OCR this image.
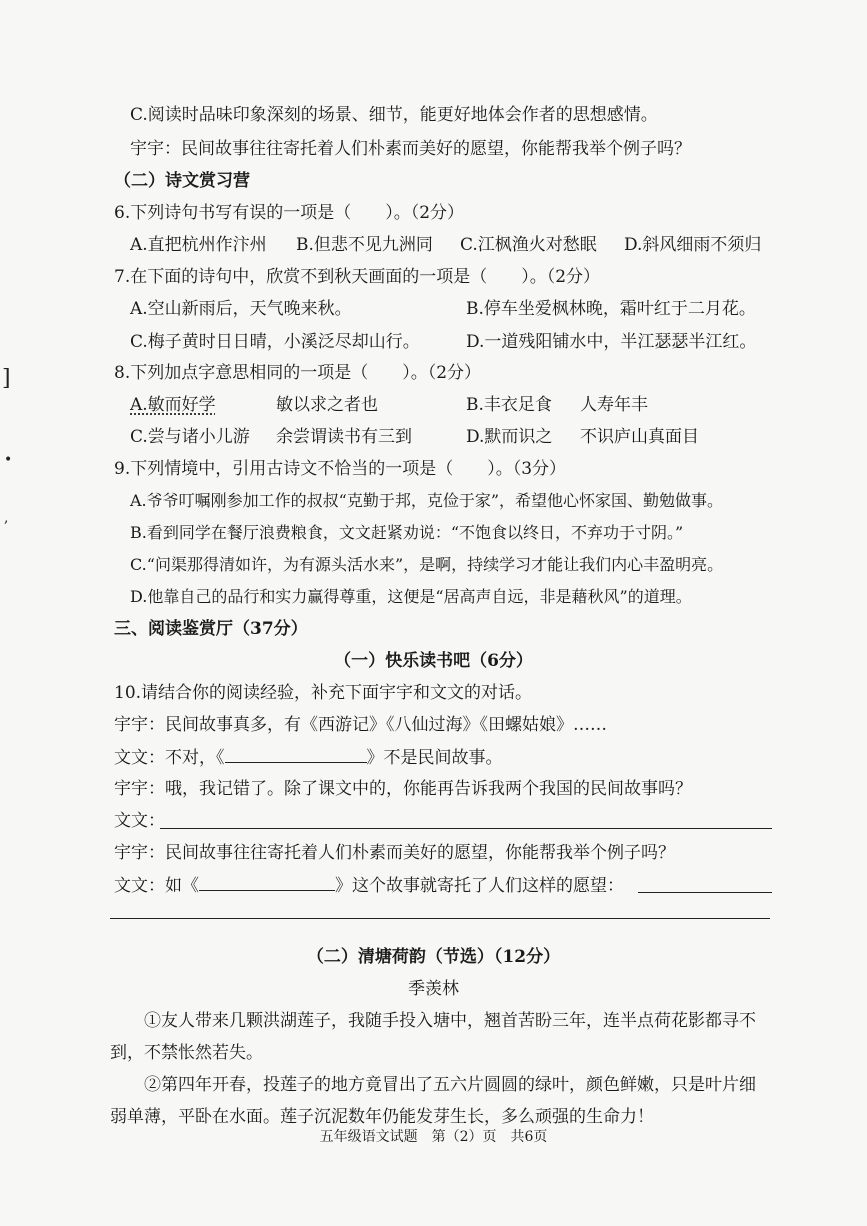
]
•
,
C.阅读时品味印象深刻的场景、细节，能更好地体会作者的思想感情。
宇宇：民间故事往往寄托着人们朴素而美好的愿望，你能帮我举个例子吗？
（二）诗文赏习营
6.下列诗句书写有误的一项是（　　）。（2分）
A.直把杭州作汴州 B.但悲不见九洲同 C.江枫渔火对愁眠 D.斜风细雨不须归
7.在下面的诗句中，欣赏不到秋天画面的一项是（　　）。（2分）
A.空山新雨后，天气晚来秋。	B.停车坐爱枫林晚，霜叶红于二月花。
C.梅子黄时日日晴，小溪泛尽却山行。	D.一道残阳铺水中，半江瑟瑟半江红。
8.下列加点字意思相同的一项是（　　）。（2分）
A.敏而好学	敏以求之者也	B.丰衣足食 人寿年丰
C.尝与诸小儿游 余尝谓读书有三到	D.默而识之 不识庐山真面目
9.下列情境中，引用古诗文不恰当的一项是（　　）。（3分）
A.爷爷叮嘱刚参加工作的叔叔“克勤于邦，克俭于家”，希望他心怀家国、勤勉做事。
B.看到同学在餐厅浪费粮食，文文赶紧劝说：“不饱食以终日，不弃功于寸阴。”
C.“问渠那得清如许，为有源头活水来”，是啊，持续学习才能让我们内心丰盈明亮。
D.他靠自己的品行和实力赢得尊重，这便是“居高声自远，非是藉秋风”的道理。
三、阅读鉴赏厅（37分）
（一）快乐读书吧（6分）
10.请结合你的阅读经验，补充下面宇宇和文文的对话。
宇宇：民间故事真多，有《西游记》《八仙过海》《田螺姑娘》……
文文：不对，《	》不是民间故事。
宇宇：哦，我记错了。除了课文中的，你能再告诉我两个我国的民间故事吗？
文文：
宇宇：民间故事往往寄托着人们朴素而美好的愿望，你能帮我举个例子吗？
文文：如《	》这个故事就寄托了人们这样的愿望：
（二）清塘荷韵（节选）（12分）
季羡林
①友人带来几颗洪湖莲子，我随手投入塘中，翘首苦盼三年，连半点荷花影都寻不
到，不禁怅然若失。
②第四年开春，投莲子的地方竟冒出了五六片圆圆的绿叶，颜色鲜嫩，只是叶片细
弱单薄，平卧在水面。莲子沉泥数年仍能发芽生长，多么顽强的生命力！
五年级语文试题　第（2）页　共6页
